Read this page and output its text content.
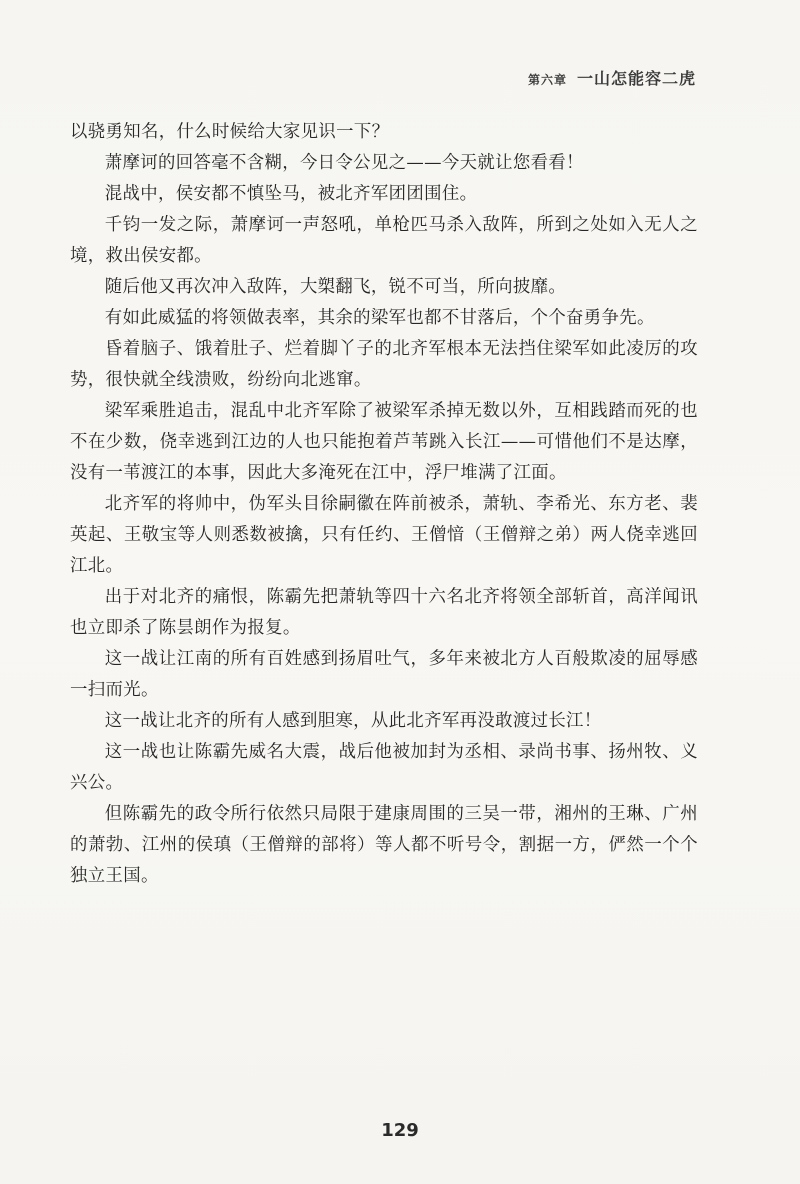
第六章 一山怎能容二虎

以骁勇知名，什么时候给大家见识一下？

萧摩诃的回答毫不含糊，今日令公见之——今天就让您看看！

混战中，侯安都不慎坠马，被北齐军团团围住。

千钧一发之际，萧摩诃一声怒吼，单枪匹马杀入敌阵，所到之处如入无人之境，救出侯安都。

随后他又再次冲入敌阵，大槊翻飞，锐不可当，所向披靡。

有如此威猛的将领做表率，其余的梁军也都不甘落后，个个奋勇争先。

昏着脑子、饿着肚子、烂着脚丫子的北齐军根本无法挡住梁军如此凌厉的攻势，很快就全线溃败，纷纷向北逃窜。

梁军乘胜追击，混乱中北齐军除了被梁军杀掉无数以外，互相践踏而死的也不在少数，侥幸逃到江边的人也只能抱着芦苇跳入长江——可惜他们不是达摩，没有一苇渡江的本事，因此大多淹死在江中，浮尸堆满了江面。

北齐军的将帅中，伪军头目徐嗣徽在阵前被杀，萧轨、李希光、东方老、裴英起、王敬宝等人则悉数被擒，只有任约、王僧愔（王僧辩之弟）两人侥幸逃回江北。

出于对北齐的痛恨，陈霸先把萧轨等四十六名北齐将领全部斩首，高洋闻讯也立即杀了陈昙朗作为报复。

这一战让江南的所有百姓感到扬眉吐气，多年来被北方人百般欺凌的屈辱感一扫而光。

这一战让北齐的所有人感到胆寒，从此北齐军再没敢渡过长江！

这一战也让陈霸先威名大震，战后他被加封为丞相、录尚书事、扬州牧、义兴公。

但陈霸先的政令所行依然只局限于建康周围的三吴一带，湘州的王琳、广州的萧勃、江州的侯瑱（王僧辩的部将）等人都不听号令，割据一方，俨然一个个独立王国。

129
